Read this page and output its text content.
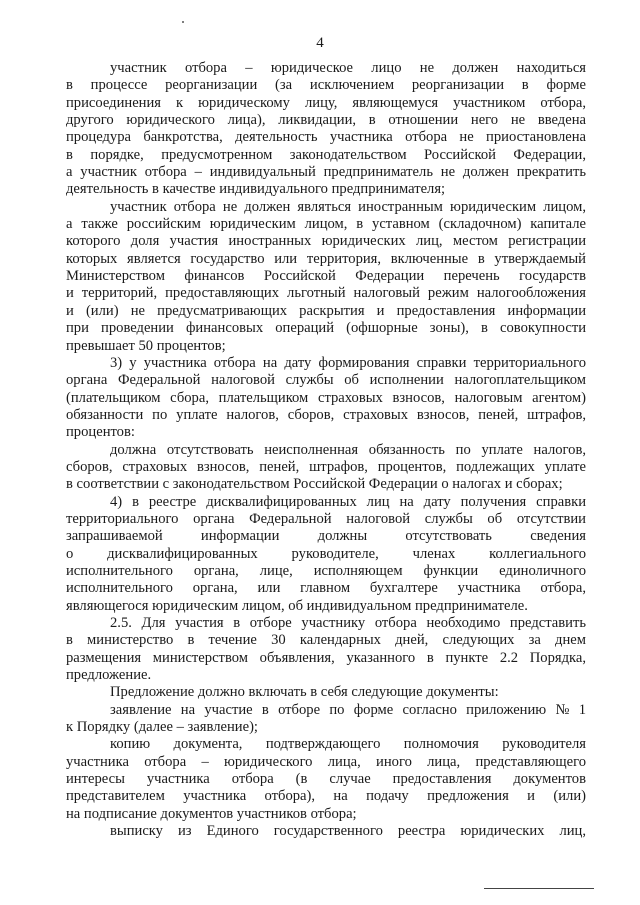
4
участник отбора – юридическое лицо не должен находиться
в процессе реорганизации (за исключением реорганизации в форме
присоединения к юридическому лицу, являющемуся участником отбора,
другого юридического лица), ликвидации, в отношении него не введена
процедура банкротства, деятельность участника отбора не приостановлена
в порядке, предусмотренном законодательством Российской Федерации,
а участник отбора – индивидуальный предприниматель не должен прекратить
деятельность в качестве индивидуального предпринимателя;
участник отбора не должен являться иностранным юридическим лицом,
а также российским юридическим лицом, в уставном (складочном) капитале
которого доля участия иностранных юридических лиц, местом регистрации
которых является государство или территория, включенные в утверждаемый
Министерством финансов Российской Федерации перечень государств
и территорий, предоставляющих льготный налоговый режим налогообложения
и (или) не предусматривающих раскрытия и предоставления информации
при проведении финансовых операций (офшорные зоны), в совокупности
превышает 50 процентов;
3) у участника отбора на дату формирования справки территориального
органа Федеральной налоговой службы об исполнении налогоплательщиком
(плательщиком сбора, плательщиком страховых взносов, налоговым агентом)
обязанности по уплате налогов, сборов, страховых взносов, пеней, штрафов,
процентов:
должна отсутствовать неисполненная обязанность по уплате налогов,
сборов, страховых взносов, пеней, штрафов, процентов, подлежащих уплате
в соответствии с законодательством Российской Федерации о налогах и сборах;
4) в реестре дисквалифицированных лиц на дату получения справки
территориального органа Федеральной налоговой службы об отсутствии
запрашиваемой информации должны отсутствовать сведения
о дисквалифицированных руководителе, членах коллегиального
исполнительного органа, лице, исполняющем функции единоличного
исполнительного органа, или главном бухгалтере участника отбора,
являющегося юридическим лицом, об индивидуальном предпринимателе.
2.5. Для участия в отборе участнику отбора необходимо представить
в министерство в течение 30 календарных дней, следующих за днем
размещения министерством объявления, указанного в пункте 2.2 Порядка,
предложение.
Предложение должно включать в себя следующие документы:
заявление на участие в отборе по форме согласно приложению № 1
к Порядку (далее – заявление);
копию документа, подтверждающего полномочия руководителя
участника отбора – юридического лица, иного лица, представляющего
интересы участника отбора (в случае предоставления документов
представителем участника отбора), на подачу предложения и (или)
на подписание документов участников отбора;
выписку из Единого государственного реестра юридических лиц,
